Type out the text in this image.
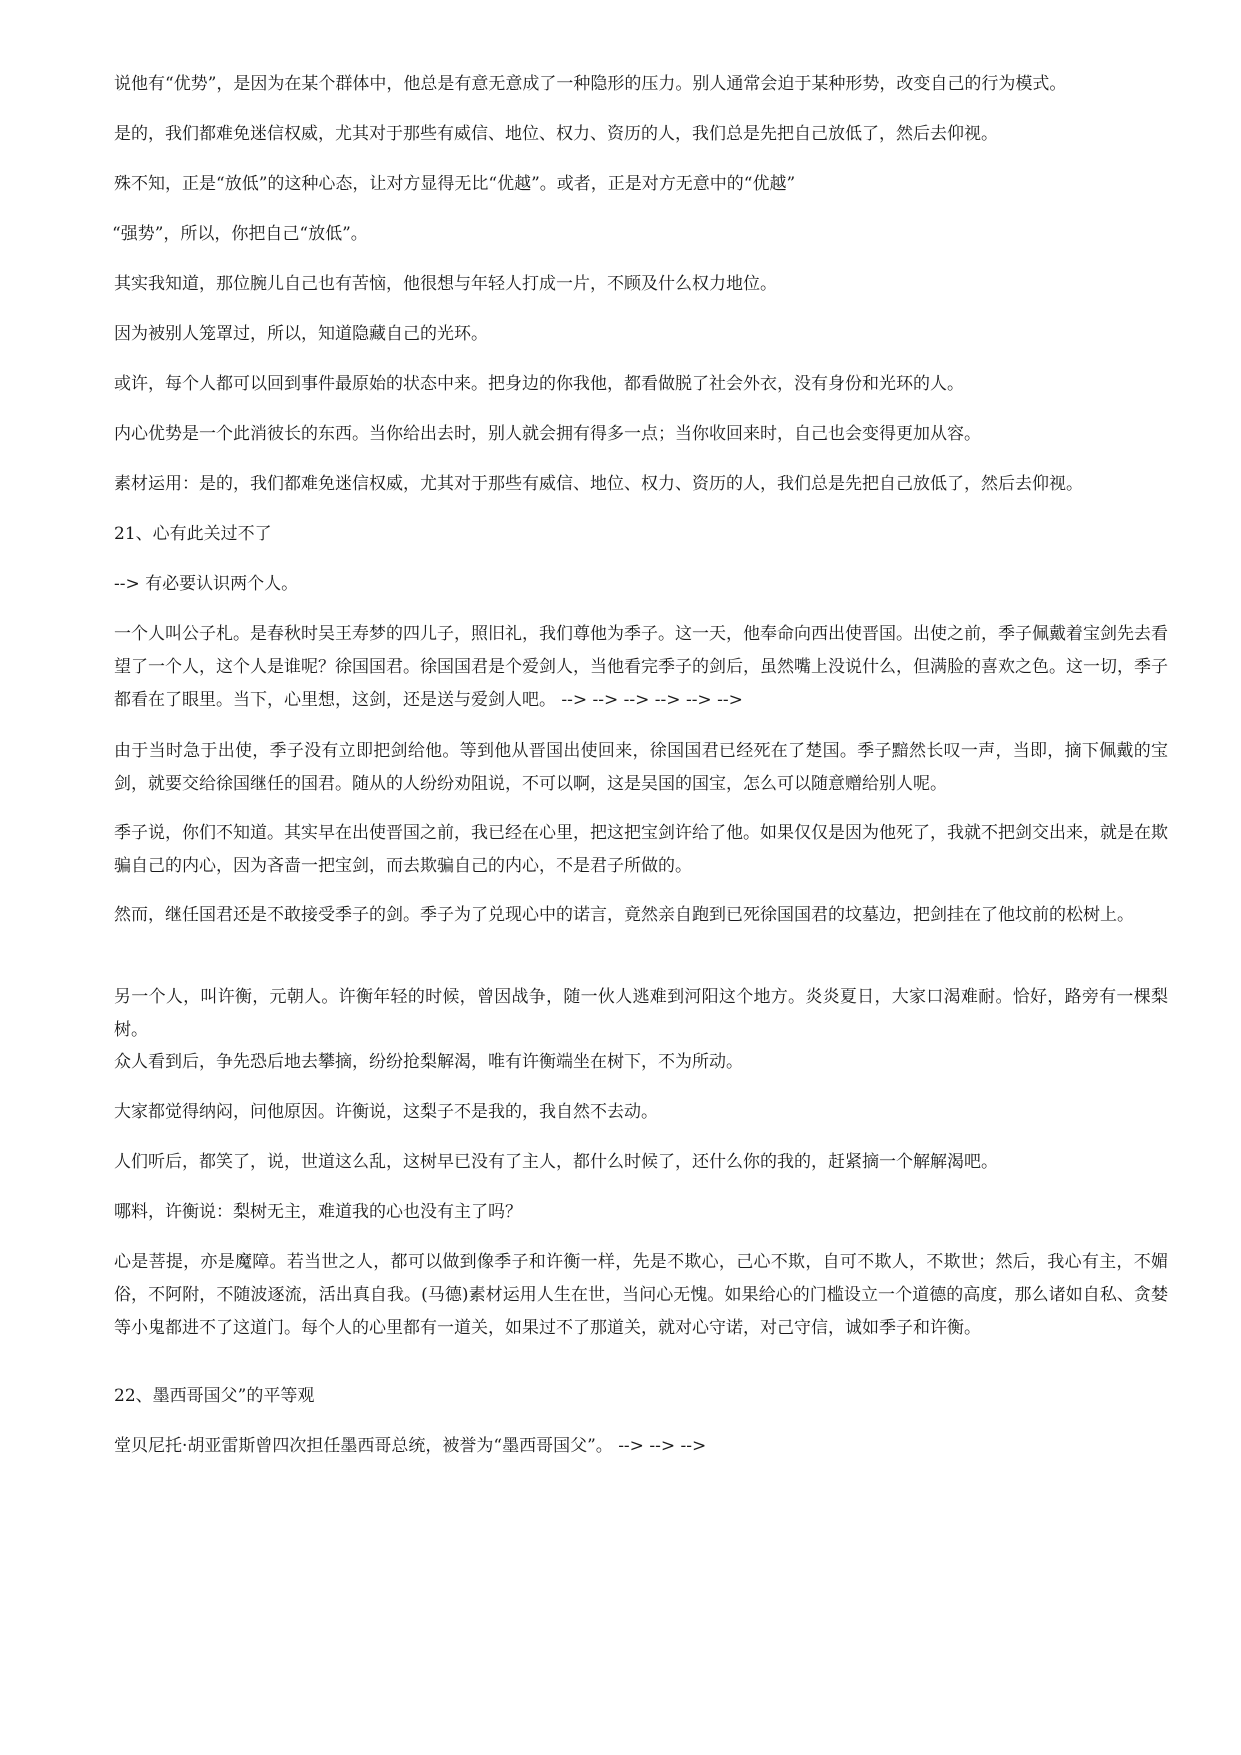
说他有“优势”，是因为在某个群体中，他总是有意无意成了一种隐形的压力。别人通常会迫于某种形势，改变自己的行为模式。

是的，我们都难免迷信权威，尤其对于那些有威信、地位、权力、资历的人，我们总是先把自己放低了，然后去仰视。

殊不知，正是“放低”的这种心态，让对方显得无比“优越”。或者，正是对方无意中的“优越”

“强势”，所以，你把自己“放低”。

其实我知道，那位腕儿自己也有苦恼，他很想与年轻人打成一片，不顾及什么权力地位。

因为被别人笼罩过，所以，知道隐藏自己的光环。

或许，每个人都可以回到事件最原始的状态中来。把身边的你我他，都看做脱了社会外衣，没有身份和光环的人。

内心优势是一个此消彼长的东西。当你给出去时，别人就会拥有得多一点；当你收回来时，自己也会变得更加从容。

素材运用：是的，我们都难免迷信权威，尤其对于那些有威信、地位、权力、资历的人，我们总是先把自己放低了，然后去仰视。

21、心有此关过不了

--> 有必要认识两个人。

一个人叫公子札。是春秋时吴王寿梦的四儿子，照旧礼，我们尊他为季子。这一天，他奉命向西出使晋国。出使之前，季子佩戴着宝剑先去看望了一个人，这个人是谁呢？徐国国君。徐国国君是个爱剑人，当他看完季子的剑后，虽然嘴上没说什么，但满脸的喜欢之色。这一切，季子都看在了眼里。当下，心里想，这剑，还是送与爱剑人吧。 --> --> --> --> --> -->

由于当时急于出使，季子没有立即把剑给他。等到他从晋国出使回来，徐国国君已经死在了楚国。季子黯然长叹一声，当即，摘下佩戴的宝剑，就要交给徐国继任的国君。随从的人纷纷劝阻说，不可以啊，这是吴国的国宝，怎么可以随意赠给别人呢。

季子说，你们不知道。其实早在出使晋国之前，我已经在心里，把这把宝剑许给了他。如果仅仅是因为他死了，我就不把剑交出来，就是在欺骗自己的内心，因为吝啬一把宝剑，而去欺骗自己的内心，不是君子所做的。

然而，继任国君还是不敢接受季子的剑。季子为了兑现心中的诺言，竟然亲自跑到已死徐国国君的坟墓边，把剑挂在了他坟前的松树上。

另一个人，叫许衡，元朝人。许衡年轻的时候，曾因战争，随一伙人逃难到河阳这个地方。炎炎夏日，大家口渴难耐。恰好，路旁有一棵梨树。

众人看到后，争先恐后地去攀摘，纷纷抢梨解渴，唯有许衡端坐在树下，不为所动。

大家都觉得纳闷，问他原因。许衡说，这梨子不是我的，我自然不去动。

人们听后，都笑了，说，世道这么乱，这树早已没有了主人，都什么时候了，还什么你的我的，赶紧摘一个解解渴吧。

哪料，许衡说：梨树无主，难道我的心也没有主了吗？

心是菩提，亦是魔障。若当世之人，都可以做到像季子和许衡一样，先是不欺心，己心不欺，自可不欺人，不欺世；然后，我心有主，不媚俗，不阿附，不随波逐流，活出真自我。(马德)素材运用人生在世，当问心无愧。如果给心的门槛设立一个道德的高度，那么诸如自私、贪婪等小鬼都进不了这道门。每个人的心里都有一道关，如果过不了那道关，就对心守诺，对己守信，诚如季子和许衡。

22、墨西哥国父”的平等观

堂贝尼托·胡亚雷斯曾四次担任墨西哥总统，被誉为“墨西哥国父”。 --> --> -->
